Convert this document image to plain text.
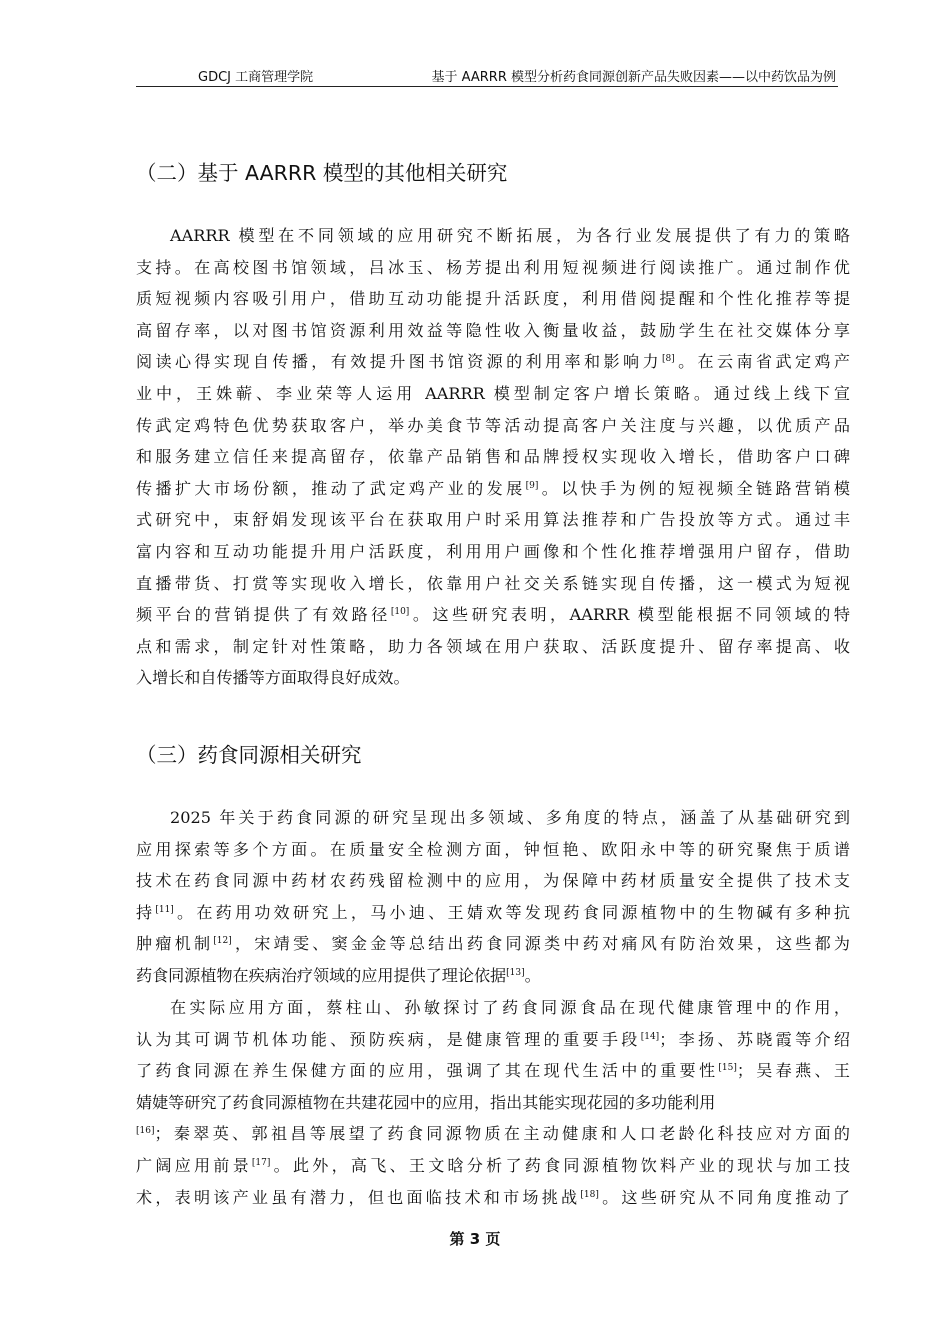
GDCJ 工商管理学院	基于 AARRR 模型分析药食同源创新产品失败因素——以中药饮品为例
（二）基于 AARRR 模型的其他相关研究
AARRR 模型在不同领域的应用研究不断拓展，为各行业发展提供了有力的策略
支持。在高校图书馆领域，吕冰玉、杨芳提出利用短视频进行阅读推广。通过制作优
质短视频内容吸引用户，借助互动功能提升活跃度，利用借阅提醒和个性化推荐等提
高留存率，以对图书馆资源利用效益等隐性收入衡量收益，鼓励学生在社交媒体分享
阅读心得实现自传播，有效提升图书馆资源的利用率和影响力[8]。在云南省武定鸡产
业中，王姝蕲、李业荣等人运用 AARRR 模型制定客户增长策略。通过线上线下宣
传武定鸡特色优势获取客户，举办美食节等活动提高客户关注度与兴趣，以优质产品
和服务建立信任来提高留存，依靠产品销售和品牌授权实现收入增长，借助客户口碑
传播扩大市场份额，推动了武定鸡产业的发展[9]。以快手为例的短视频全链路营销模
式研究中，束舒娟发现该平台在获取用户时采用算法推荐和广告投放等方式。通过丰
富内容和互动功能提升用户活跃度，利用用户画像和个性化推荐增强用户留存，借助
直播带货、打赏等实现收入增长，依靠用户社交关系链实现自传播，这一模式为短视
频平台的营销提供了有效路径[10]。这些研究表明，AARRR 模型能根据不同领域的特
点和需求，制定针对性策略，助力各领域在用户获取、活跃度提升、留存率提高、收
入增长和自传播等方面取得良好成效。
（三）药食同源相关研究
2025 年关于药食同源的研究呈现出多领域、多角度的特点，涵盖了从基础研究到
应用探索等多个方面。在质量安全检测方面，钟恒艳、欧阳永中等的研究聚焦于质谱
技术在药食同源中药材农药残留检测中的应用，为保障中药材质量安全提供了技术支
持[11]。在药用功效研究上，马小迪、王婧欢等发现药食同源植物中的生物碱有多种抗
肿瘤机制[12]，宋靖雯、窦金金等总结出药食同源类中药对痛风有防治效果，这些都为
药食同源植物在疾病治疗领域的应用提供了理论依据[13]。
在实际应用方面，蔡柱山、孙敏探讨了药食同源食品在现代健康管理中的作用，
认为其可调节机体功能、预防疾病，是健康管理的重要手段[14]；李扬、苏晓霞等介绍
了药食同源在养生保健方面的应用，强调了其在现代生活中的重要性[15]；吴春燕、王
婧婕等研究了药食同源植物在共建花园中的应用，指出其能实现花园的多功能利用
[16]；秦翠英、郭祖昌等展望了药食同源物质在主动健康和人口老龄化科技应对方面的
广阔应用前景[17]。此外，高飞、王文晗分析了药食同源植物饮料产业的现状与加工技
术，表明该产业虽有潜力，但也面临技术和市场挑战[18]。这些研究从不同角度推动了
第 3 页
